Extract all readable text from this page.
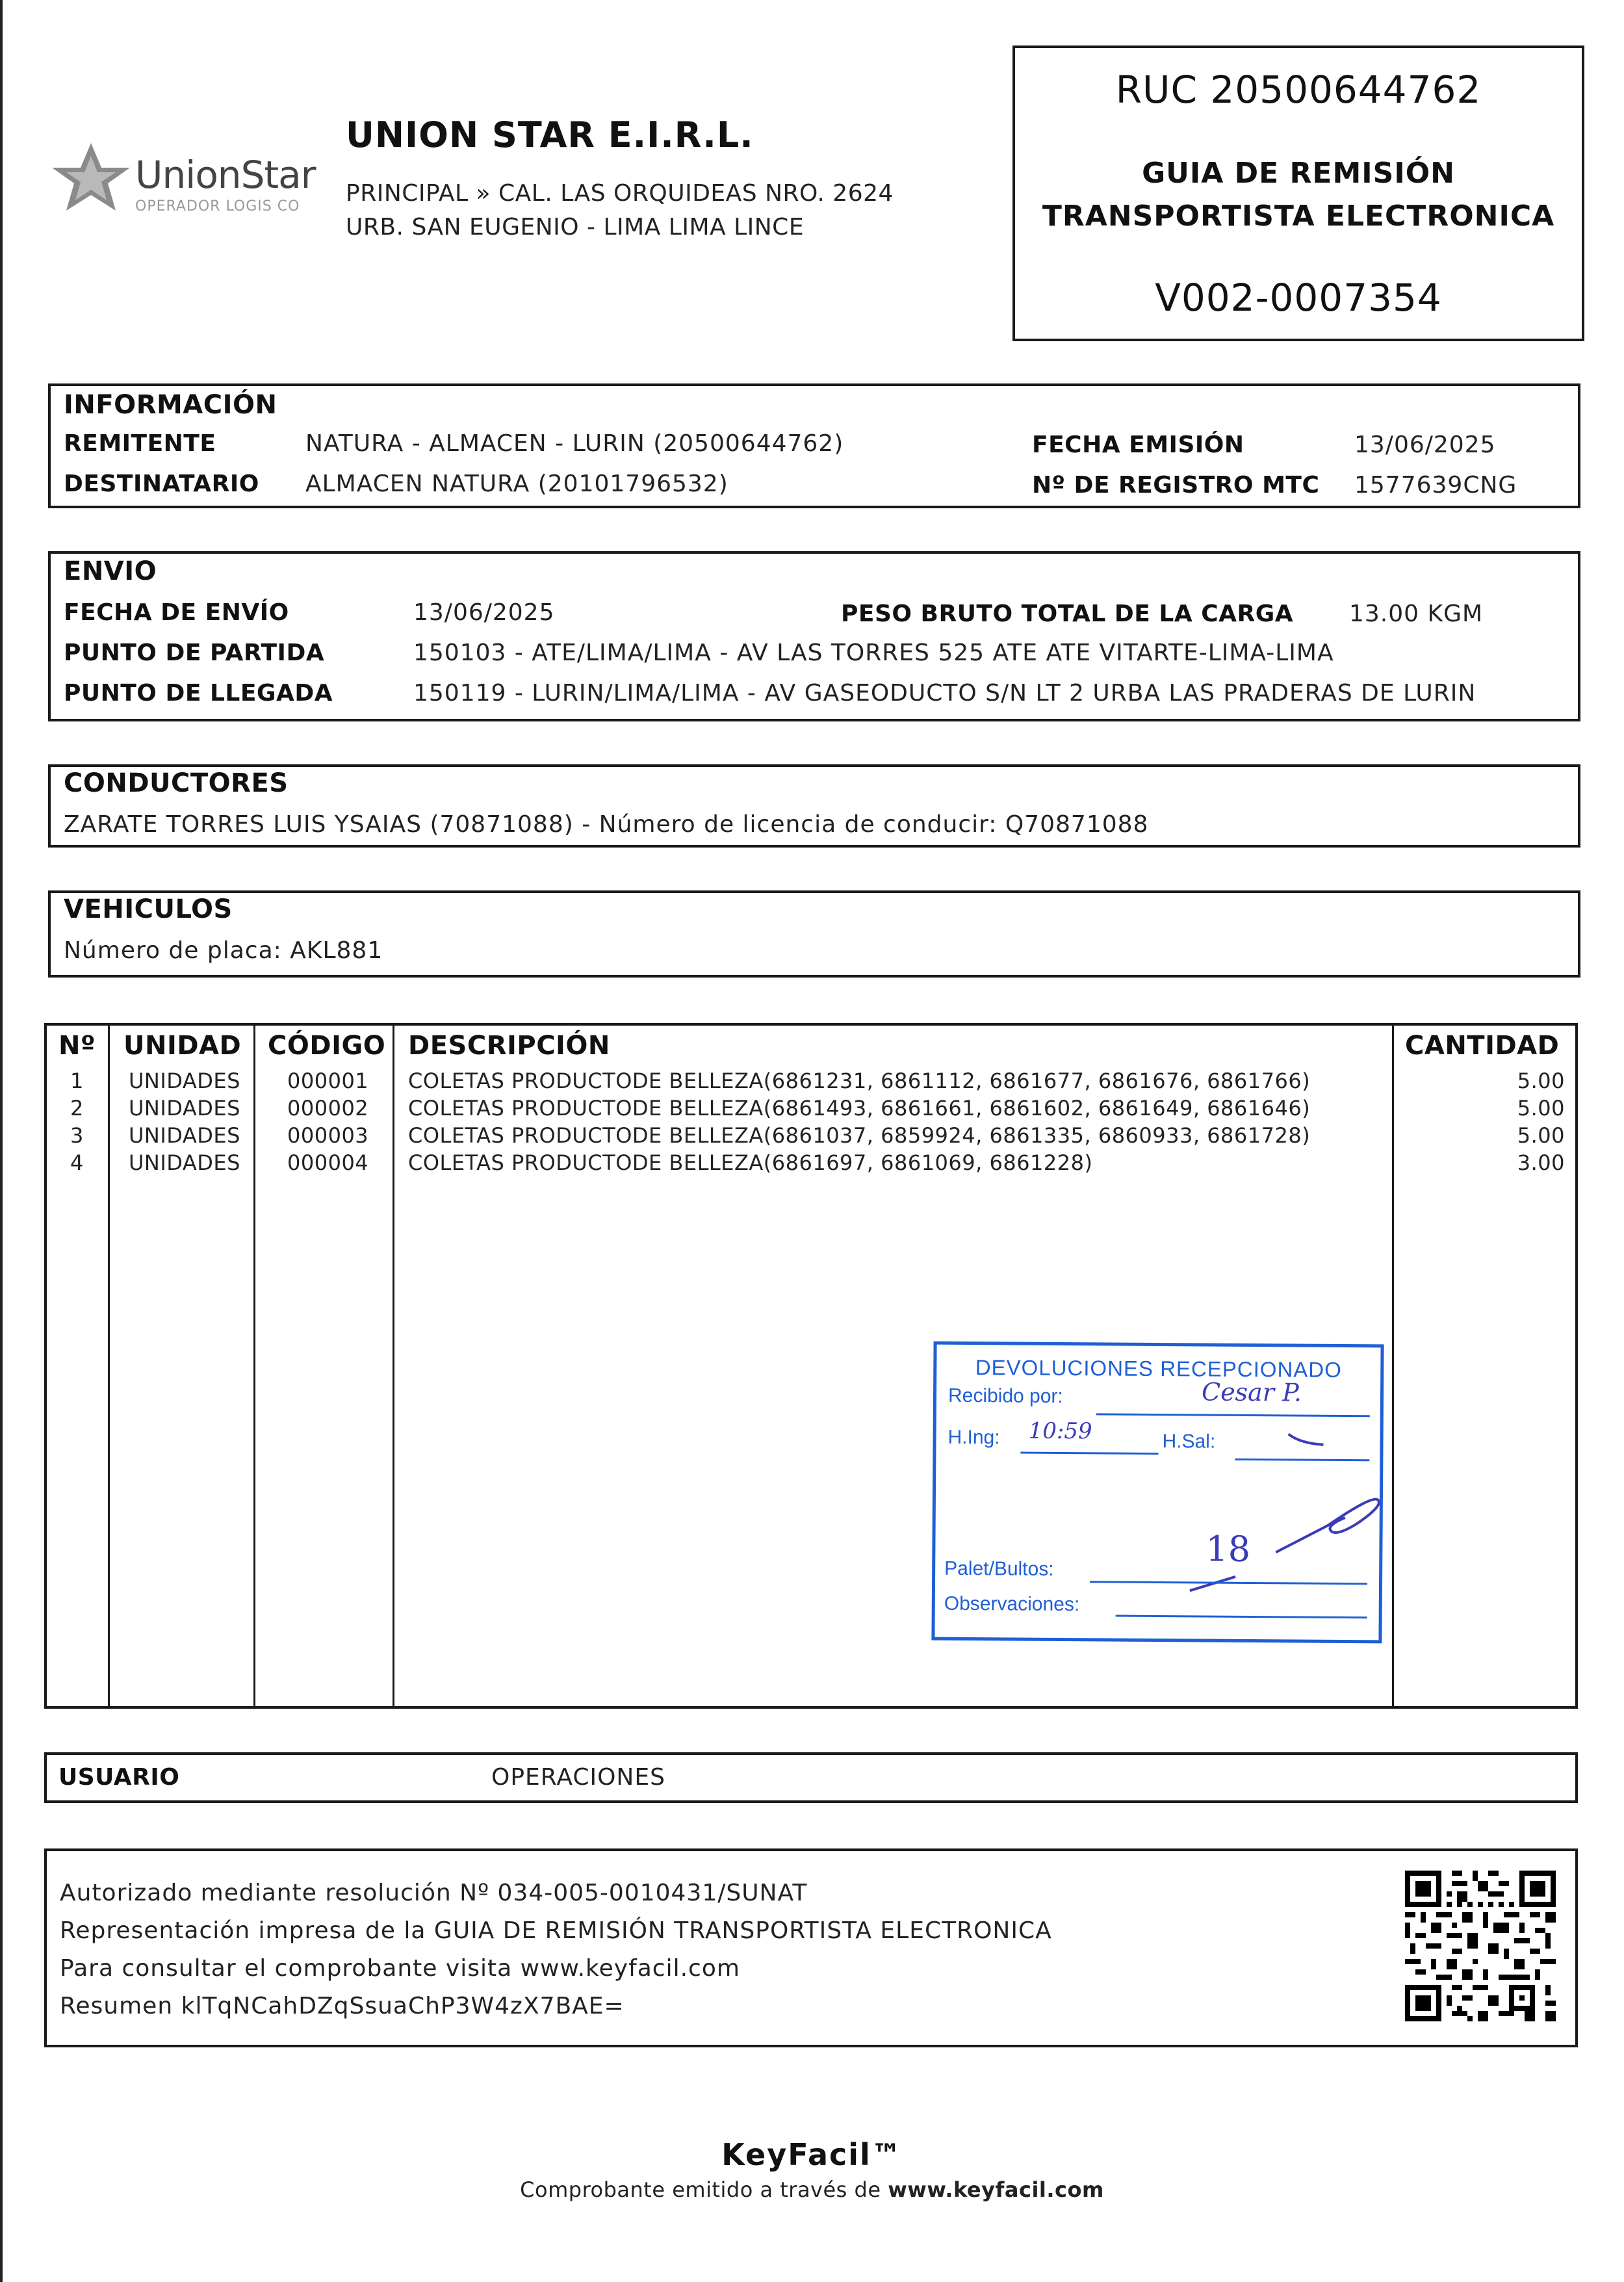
UnionStar
OPERADOR LOGIS CO
UNION STAR E.I.R.L.
PRINCIPAL » CAL. LAS ORQUIDEAS NRO. 2624
URB. SAN EUGENIO - LIMA LIMA LINCE
RUC 20500644762
GUIA DE REMISIÓN
TRANSPORTISTA ELECTRONICA
V002-0007354
INFORMACIÓN
REMITENTE	NATURA - ALMACEN - LURIN (20500644762)
DESTINATARIO ALMACEN NATURA (20101796532)
FECHA EMISIÓN	13/06/2025
Nº DE REGISTRO MTC 1577639CNG
ENVIO
FECHA DE ENVÍO	13/06/2025	PESO BRUTO TOTAL DE LA CARGA 13.00 KGM
PUNTO DE PARTIDA	150103 - ATE/LIMA/LIMA - AV LAS TORRES 525 ATE ATE VITARTE-LIMA-LIMA
PUNTO DE LLEGADA	150119 - LURIN/LIMA/LIMA - AV GASEODUCTO S/N LT 2 URBA LAS PRADERAS DE LURIN
CONDUCTORES
ZARATE TORRES LUIS YSAIAS (70871088) - Número de licencia de conducir: Q70871088
VEHICULOS
Número de placa: AKL881
Nº UNIDAD CÓDIGO DESCRIPCIÓN	CANTIDAD
1 UNIDADES 000001 COLETAS PRODUCTODE BELLEZA(6861231, 6861112, 6861677, 6861676, 6861766)	5.00
2 UNIDADES 000002 COLETAS PRODUCTODE BELLEZA(6861493, 6861661, 6861602, 6861649, 6861646)	5.00
3 UNIDADES 000003 COLETAS PRODUCTODE BELLEZA(6861037, 6859924, 6861335, 6860933, 6861728)	5.00
4 UNIDADES 000004 COLETAS PRODUCTODE BELLEZA(6861697, 6861069, 6861228)	3.00
DEVOLUCIONES RECEPCIONADO
Recibido por:	Cesar P.
H.Ing: 10:59	H.Sal:
18
Palet/Bultos:
Observaciones:
USUARIO	OPERACIONES
Autorizado mediante resolución Nº 034-005-0010431/SUNAT
Representación impresa de la GUIA DE REMISIÓN TRANSPORTISTA ELECTRONICA
Para consultar el comprobante visita www.keyfacil.com
Resumen klTqNCahDZqSsuaChP3W4zX7BAE=
KeyFacil™
Comprobante emitido a través de www.keyfacil.com
